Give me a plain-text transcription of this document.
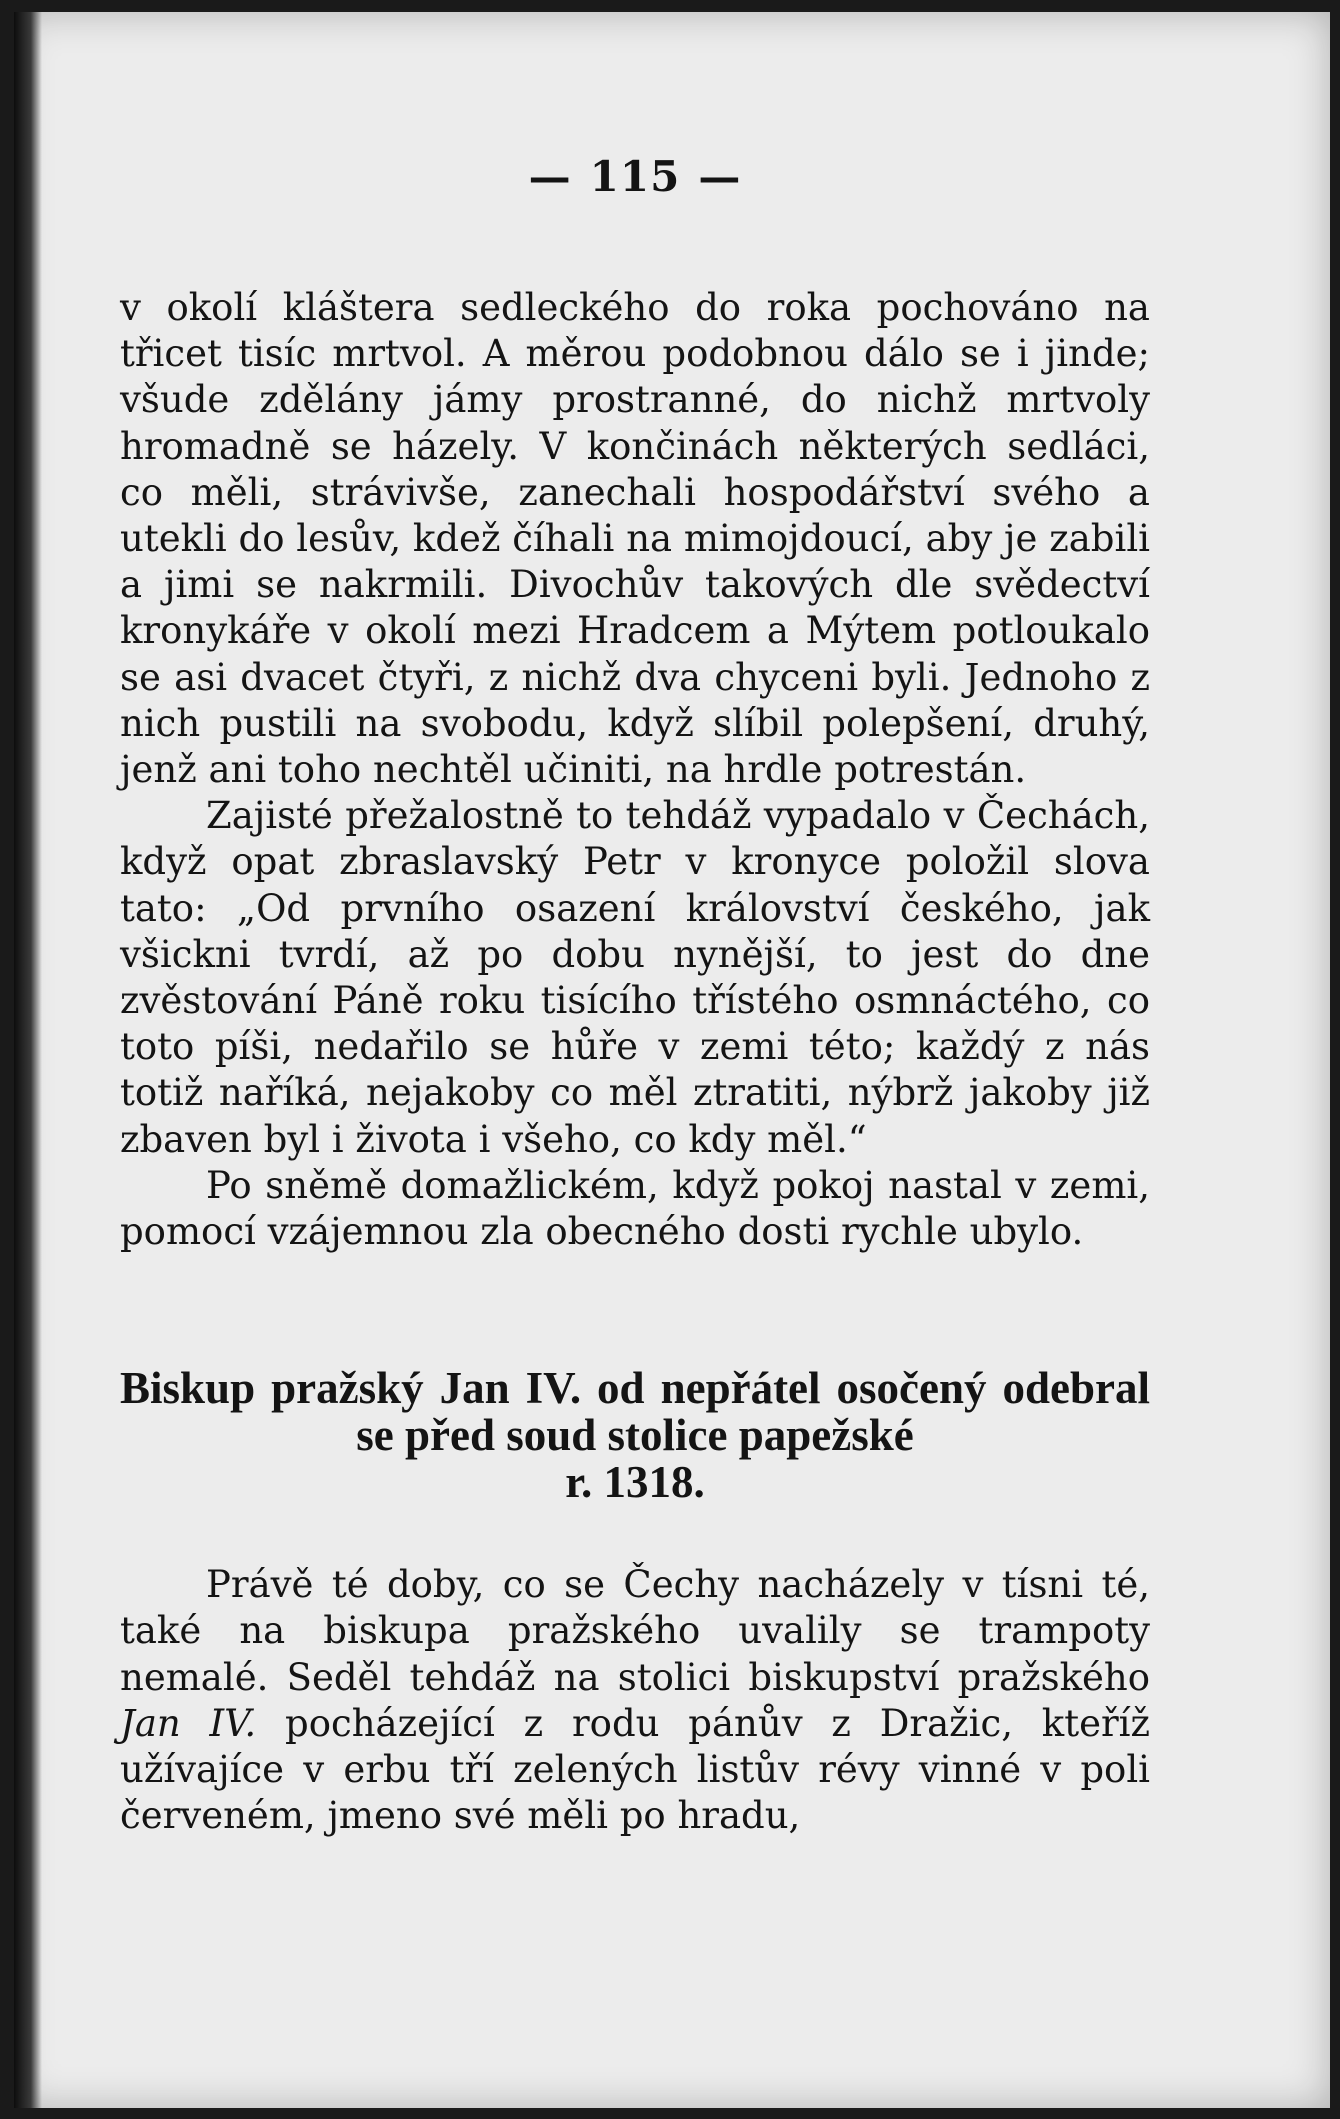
— 115 —

v okolí kláštera sedleckého do roka pochováno na třicet tisíc mrtvol. A měrou podobnou dálo se i jinde; všude zdělány jámy prostranné, do nichž mrtvoly hromadně se házely. V končinách některých sedláci, co měli, strávivše, zanechali hospodářství svého a utekli do lesův, kdež číhali na mimojdoucí, aby je zabili a jimi se nakrmili. Divochův takových dle svědectví kronykáře v okolí mezi Hradcem a Mýtem potloukalo se asi dvacet čtyři, z nichž dva chyceni byli. Jednoho z nich pustili na svobodu, když slíbil polepšení, druhý, jenž ani toho nechtěl učiniti, na hrdle potrestán.

Zajisté přežalostně to tehdáž vypadalo v Čechách, když opat zbraslavský Petr v kronyce položil slova tato: „Od prvního osazení království českého, jak všickni tvrdí, až po dobu nynější, to jest do dne zvěstování Páně roku tisícího třístého osmnáctého, co toto píši, nedařilo se hůře v zemi této; každý z nás totiž naříká, nejakoby co měl ztratiti, nýbrž jakoby již zbaven byl i života i všeho, co kdy měl.“

Po sněmě domažlickém, když pokoj nastal v zemi, pomocí vzájemnou zla obecného dosti rychle ubylo.

Biskup pražský Jan IV. od nepřátel osočený odebral se před soud stolice papežské
r. 1318.

Právě té doby, co se Čechy nacházely v tísni té, také na biskupa pražského uvalily se trampoty nemalé. Seděl tehdáž na stolici biskupství pražského Jan IV. pocházející z rodu pánův z Dražic, kteříž užívajíce v erbu tří zelených listův révy vinné v poli červeném, jmeno své měli po hradu,
